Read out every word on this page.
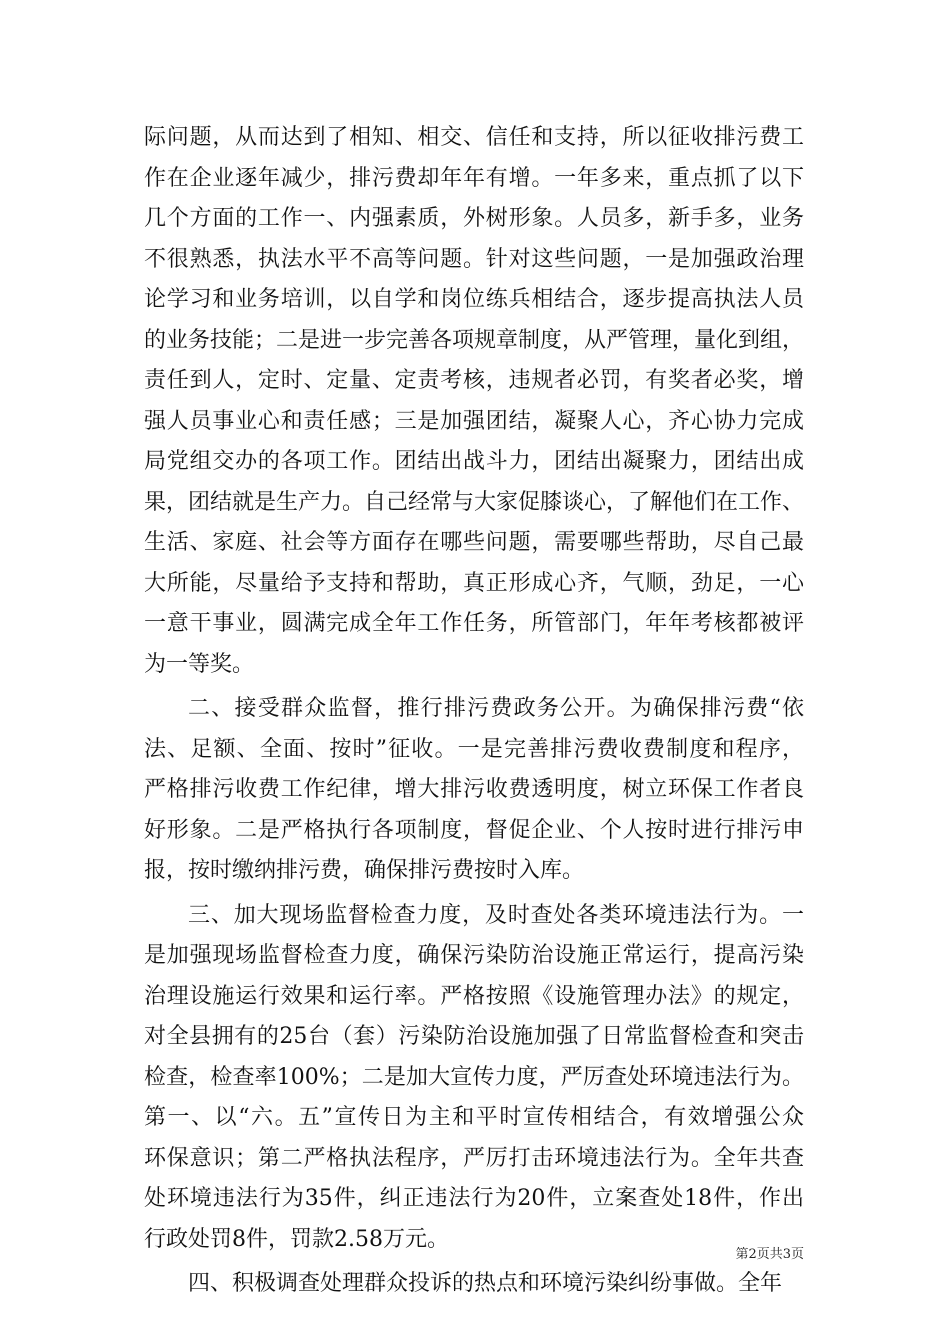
际问题，从而达到了相知、相交、信任和支持，所以征收排污费工
作在企业逐年减少，排污费却年年有增。一年多来，重点抓了以下
几个方面的工作一、内强素质，外树形象。人员多，新手多，业务
不很熟悉，执法水平不高等问题。针对这些问题，一是加强政治理
论学习和业务培训，以自学和岗位练兵相结合，逐步提高执法人员
的业务技能；二是进一步完善各项规章制度，从严管理，量化到组，
责任到人，定时、定量、定责考核，违规者必罚，有奖者必奖，增
强人员事业心和责任感；三是加强团结，凝聚人心，齐心协力完成
局党组交办的各项工作。团结出战斗力，团结出凝聚力，团结出成
果，团结就是生产力。自己经常与大家促膝谈心，了解他们在工作、
生活、家庭、社会等方面存在哪些问题，需要哪些帮助，尽自己最
大所能，尽量给予支持和帮助，真正形成心齐，气顺，劲足，一心
一意干事业，圆满完成全年工作任务，所管部门，年年考核都被评
为一等奖。
二、接受群众监督，推行排污费政务公开。为确保排污费“依
法、足额、全面、按时”征收。一是完善排污费收费制度和程序，
严格排污收费工作纪律，增大排污收费透明度，树立环保工作者良
好形象。二是严格执行各项制度，督促企业、个人按时进行排污申
报，按时缴纳排污费，确保排污费按时入库。
三、加大现场监督检查力度，及时查处各类环境违法行为。一
是加强现场监督检查力度，确保污染防治设施正常运行，提高污染
治理设施运行效果和运行率。严格按照《设施管理办法》的规定，
对全县拥有的25台（套）污染防治设施加强了日常监督检查和突击
检查，检查率100%；二是加大宣传力度，严厉查处环境违法行为。
第一、以“六。五”宣传日为主和平时宣传相结合，有效增强公众
环保意识；第二严格执法程序，严厉打击环境违法行为。全年共查
处环境违法行为35件，纠正违法行为20件，立案查处18件，作出
行政处罚8件，罚款2.58万元。
四、积极调查处理群众投诉的热点和环境污染纠纷事做。全年
第2页共3页
